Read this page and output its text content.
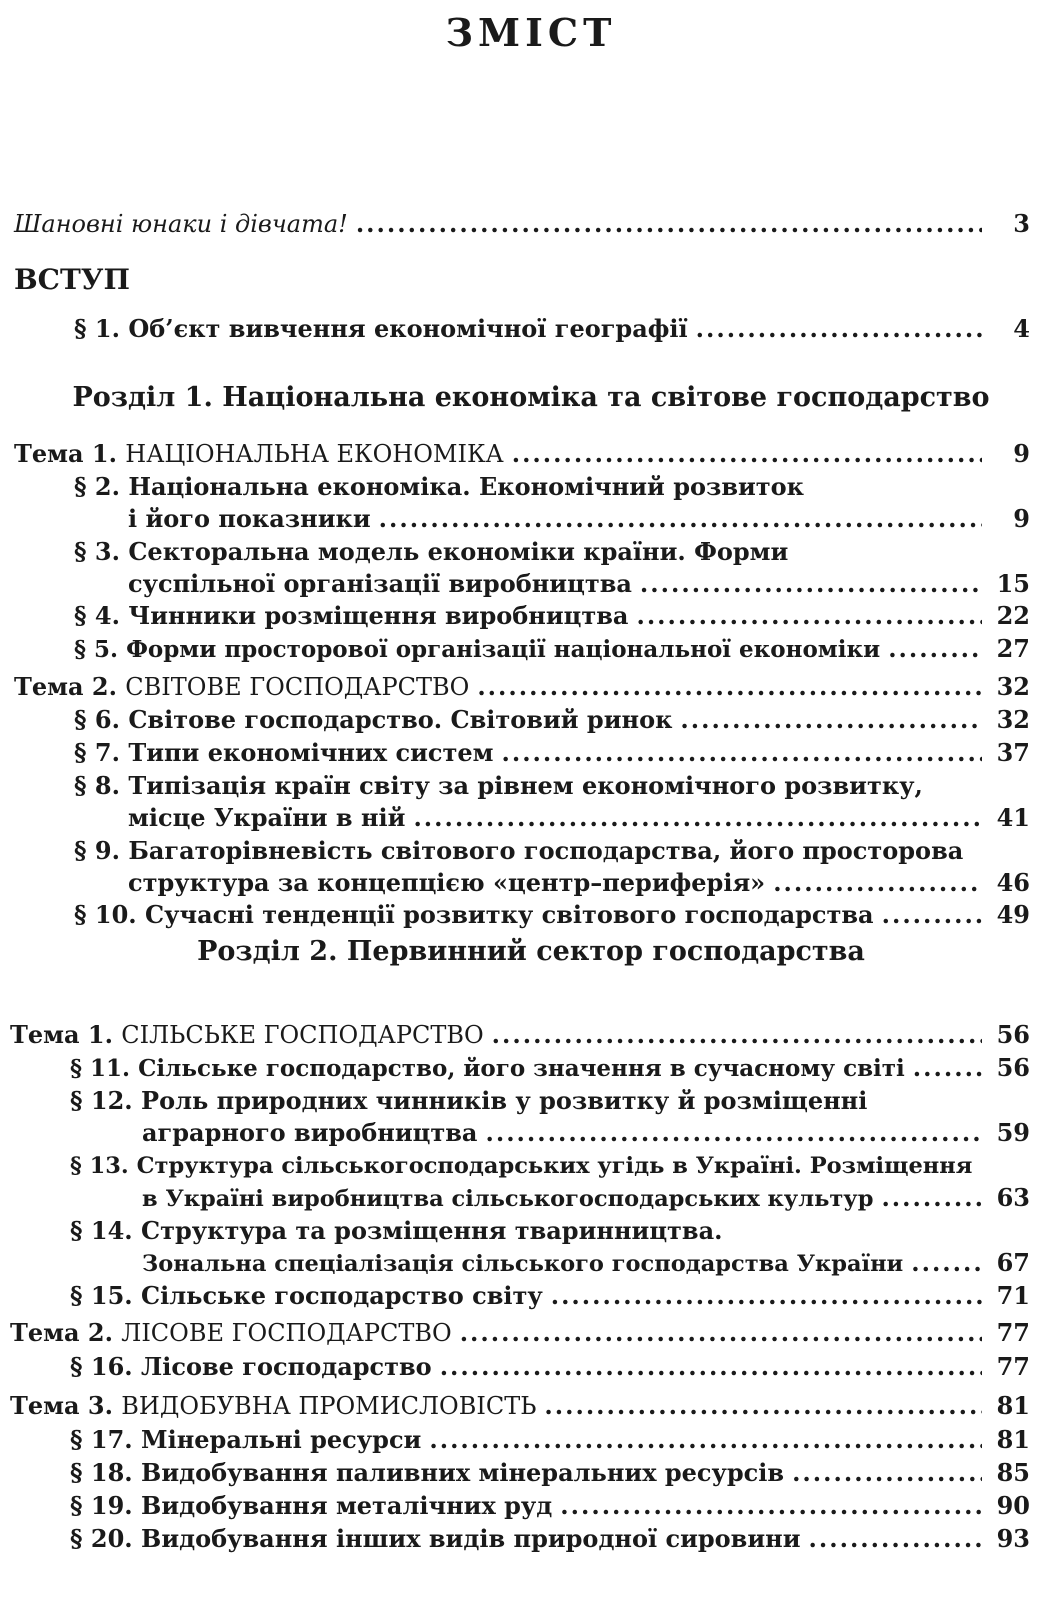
ЗМІСТ
Шановні юнаки і дівчата! .....	3
ВСТУП
§ 1. Об’єкт вивчення економічної географії .....	4
Розділ 1. Національна економіка та світове господарство
Тема 1. НАЦІОНАЛЬНА ЕКОНОМІКА .....	9
§ 2. Національна економіка. Економічний розвиток
і його показники .....	9
§ 3. Секторальна модель економіки країни. Форми
суспільної організації виробництва .....	15
§ 4. Чинники розміщення виробництва .....	22
§ 5. Форми просторової організації національної економіки .....	27
Тема 2. СВІТОВЕ ГОСПОДАРСТВО .....	32
§ 6. Світове господарство. Світовий ринок .....	32
§ 7. Типи економічних систем .....	37
§ 8. Типізація країн світу за рівнем економічного розвитку,
місце України в ній .....	41
§ 9. Багаторівневість світового господарства, його просторова
структура за концепцією «центр–периферія» .....	46
§ 10. Сучасні тенденції розвитку світового господарства .....	49
Розділ 2. Первинний сектор господарства
Тема 1. СІЛЬСЬКЕ ГОСПОДАРСТВО .....	56
§ 11. Сільське господарство, його значення в сучасному світі .....	56
§ 12. Роль природних чинників у розвитку й розміщенні
аграрного виробництва .....	59
§ 13. Структура сільськогосподарських угідь в Україні. Розміщення
в Україні виробництва сільськогосподарських культур .....	63
§ 14. Структура та розміщення тваринництва.
Зональна спеціалізація сільського господарства України .....	67
§ 15. Сільське господарство світу .....	71
Тема 2. ЛІСОВЕ ГОСПОДАРСТВО .....	77
§ 16. Лісове господарство .....	77
Тема 3. ВИДОБУВНА ПРОМИСЛОВІСТЬ .....	81
§ 17. Мінеральні ресурси .....	81
§ 18. Видобування паливних мінеральних ресурсів .....	85
§ 19. Видобування металічних руд .....	90
§ 20. Видобування інших видів природної сировини .....	93
